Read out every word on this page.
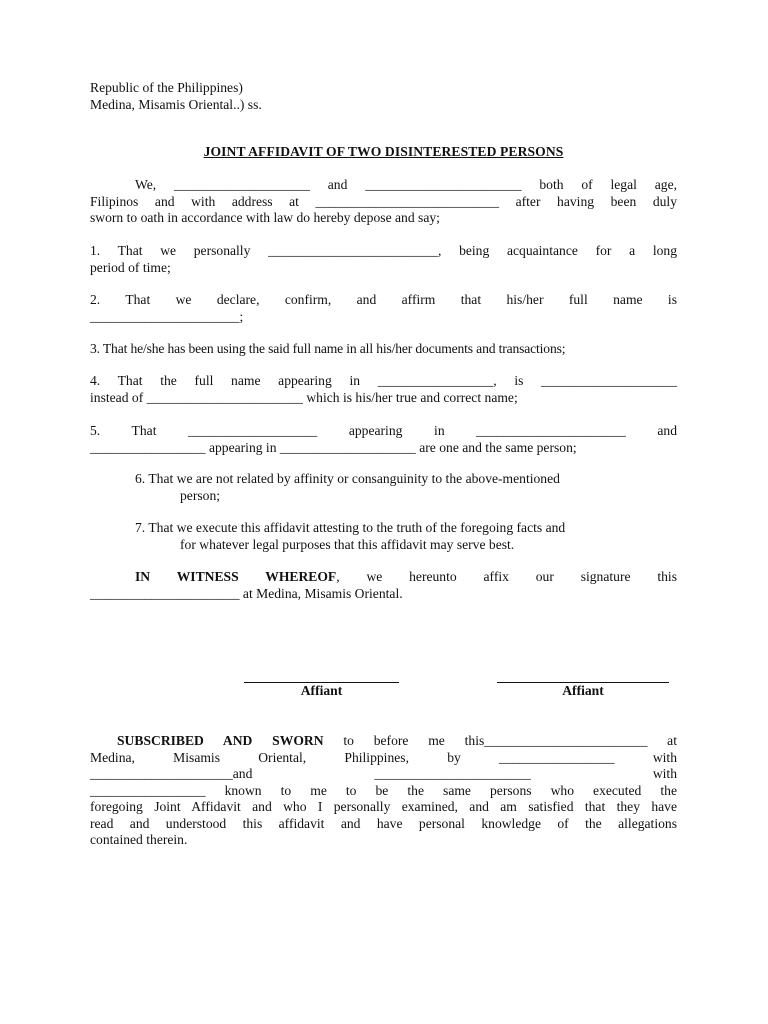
Republic of the Philippines)
Medina, Misamis Oriental..) ss.
JOINT AFFIDAVIT OF TWO DISINTERESTED PERSONS
We, ____________________ and _______________________ both of legal age,
Filipinos and with address at ___________________________ after having been duly
sworn to oath in accordance with law do hereby depose and say;
1. That we personally _________________________, being acquaintance for a long
period of time;
2. That we declare, confirm, and affirm that his/her full name is
______________________;
3. That he/she has been using the said full name in all his/her documents and transactions;
4. That the full name appearing in _________________, is ____________________
instead of _______________________ which is his/her true and correct name;
5. That ___________________ appearing in ______________________ and
_________________ appearing in ____________________ are one and the same person;
6. That we are not related by affinity or consanguinity to the above-mentioned
person;
7. That we execute this affidavit attesting to the truth of the foregoing facts and
for whatever legal purposes that this affidavit may serve best.
IN WITNESS WHEREOF, we hereunto affix our signature this
______________________ at Medina, Misamis Oriental.
Affiant	Affiant
SUBSCRIBED AND SWORN to before me this________________________ at
Medina, Misamis Oriental, Philippines, by _________________ with
_____________________and _______________________ with
_________________ known to me to be the same persons who executed the
foregoing Joint Affidavit and who I personally examined, and am satisfied that they have
read and understood this affidavit and have personal knowledge of the allegations
contained therein.
